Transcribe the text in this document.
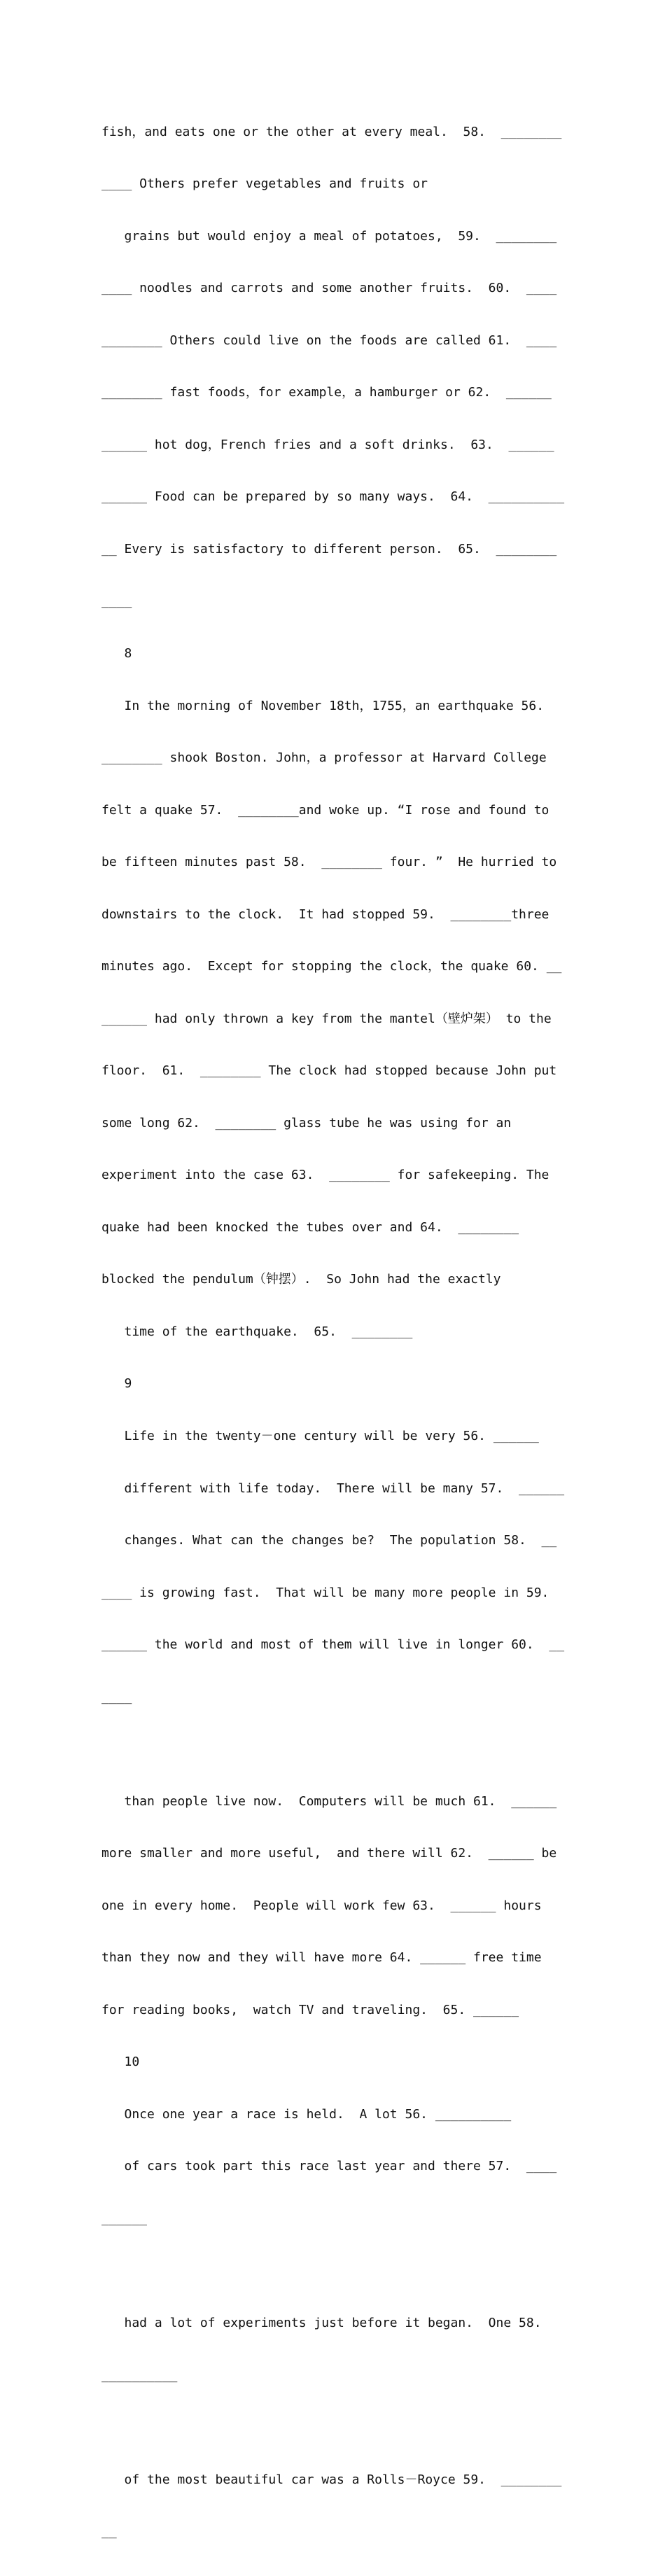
fish，and eats one or the other at every meal.  58.  ________

____ Others prefer vegetables and fruits or

grains but would enjoy a meal of potatoes,  59.  ________

____ noodles and carrots and some another fruits.  60.  ____

________ Others could live on the foods are called 61.  ____

________ fast foods，for example，a hamburger or 62.  ______

______ hot dog，French fries and a soft drinks.  63.  ______

______ Food can be prepared by so many ways.  64.  __________

__ Every is satisfactory to different person.  65.  ________

____

8

In the morning of November 18th，1755，an earthquake 56.

________ shook Boston. John，a professor at Harvard College

felt a quake 57.  ________and woke up. “I rose and found to

be fifteen minutes past 58.  ________ four. ”  He hurried to

downstairs to the clock.  It had stopped 59.  ________three

minutes ago.  Except for stopping the clock，the quake 60. __

______ had only thrown a key from the mantel（壁炉架） to the

floor.  61.  ________ The clock had stopped because John put

some long 62.  ________ glass tube he was using for an

experiment into the case 63.  ________ for safekeeping. The

quake had been knocked the tubes over and 64.  ________

blocked the pendulum（钟摆）.  So John had the exactly

time of the earthquake.  65.  ________

9

Life in the twenty－one century will be very 56. ______

different with life today.  There will be many 57.  ______

changes. What can the changes be?  The population 58.  __

____ is growing fast.  That will be many more people in 59.

______ the world and most of them will live in longer 60.  __

____

than people live now.  Computers will be much 61.  ______

more smaller and more useful,  and there will 62.  ______ be

one in every home.  People will work few 63.  ______ hours

than they now and they will have more 64. ______ free time

for reading books,  watch TV and traveling.  65. ______

10

Once one year a race is held.  A lot 56. __________

of cars took part this race last year and there 57.  ____

______

had a lot of experiments just before it began.  One 58.

__________

of the most beautiful car was a Rolls－Royce 59.  ________

__
